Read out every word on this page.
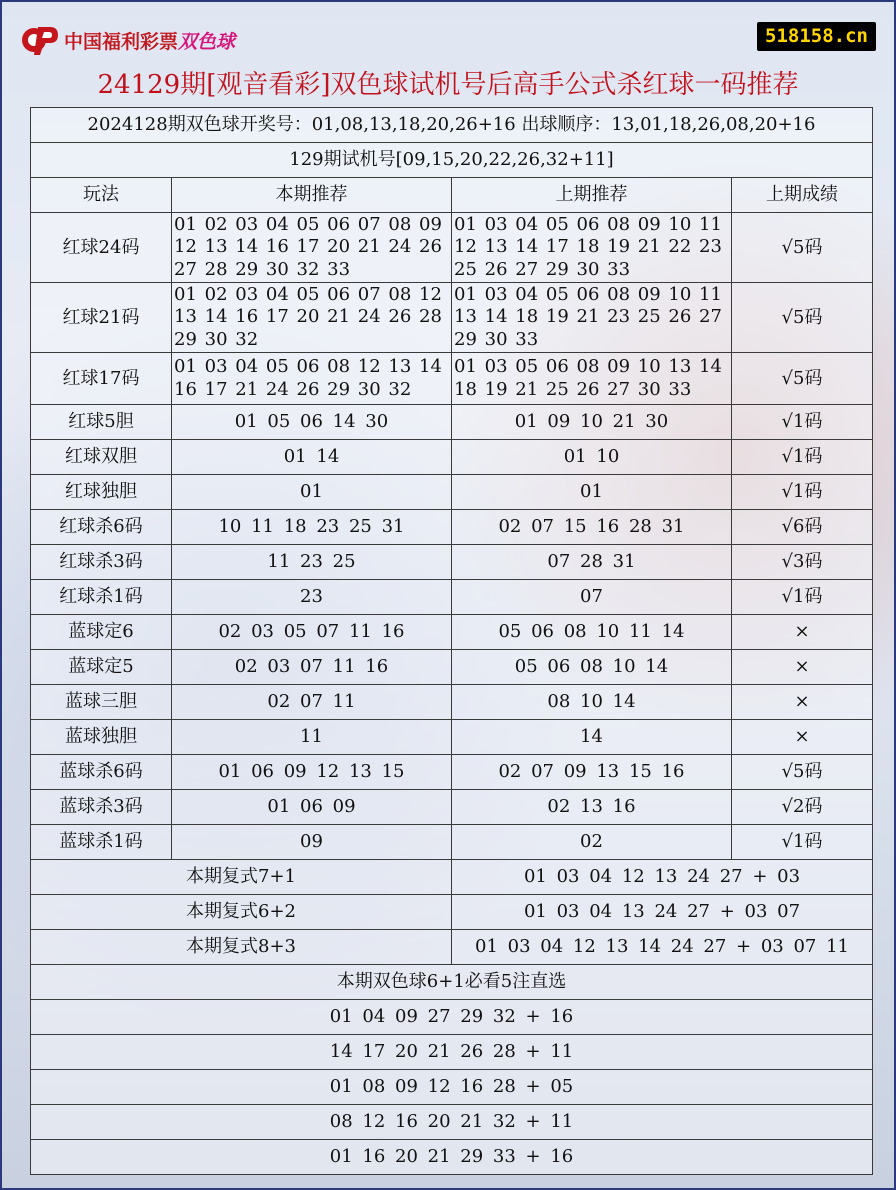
中国福利彩票双色球	518158.cn
24129期[观音看彩]双色球试机号后高手公式杀红球一码推荐
2024128期双色球开奖号：01,08,13,18,20,26+16 出球顺序：13,01,18,26,08,20+16			
129期试机号[09,15,20,22,26,32+11]			
玩法	本期推荐	上期推荐	上期成绩
红球24码	01 02 03 04 05 06 07 08 09 12 13 14 16 17 20 21 24 26 27 28 29 30 32 33	01 03 04 05 06 08 09 10 11 12 13 14 17 18 19 21 22 23 25 26 27 29 30 33	√5码
红球21码	01 02 03 04 05 06 07 08 12 13 14 16 17 20 21 24 26 28 29 30 32	01 03 04 05 06 08 09 10 11 13 14 18 19 21 23 25 26 27 29 30 33	√5码
红球17码	01 03 04 05 06 08 12 13 14 16 17 21 24 26 29 30 32	01 03 05 06 08 09 10 13 14 18 19 21 25 26 27 30 33	√5码
红球5胆	01 05 06 14 30	01 09 10 21 30	√1码
红球双胆	01 14	01 10	√1码
红球独胆	01	01	√1码
红球杀6码	10 11 18 23 25 31	02 07 15 16 28 31	√6码
红球杀3码	11 23 25	07 28 31	√3码
红球杀1码	23	07	√1码
蓝球定6	02 03 05 07 11 16	05 06 08 10 11 14	×
蓝球定5	02 03 07 11 16	05 06 08 10 14	×
蓝球三胆	02 07 11	08 10 14	×
蓝球独胆	11	14	×
蓝球杀6码	01 06 09 12 13 15	02 07 09 13 15 16	√5码
蓝球杀3码	01 06 09	02 13 16	√2码
蓝球杀1码	09	02	√1码
本期复式7+1		01 03 04 12 13 24 27 + 03	
本期复式6+2		01 03 04 13 24 27 + 03 07	
本期复式8+3		01 03 04 12 13 14 24 27 + 03 07 11	
本期双色球6+1必看5注直选			
01 04 09 27 29 32 + 16			
14 17 20 21 26 28 + 11			
01 08 09 12 16 28 + 05			
08 12 16 20 21 32 + 11			
01 16 20 21 29 33 + 16			
